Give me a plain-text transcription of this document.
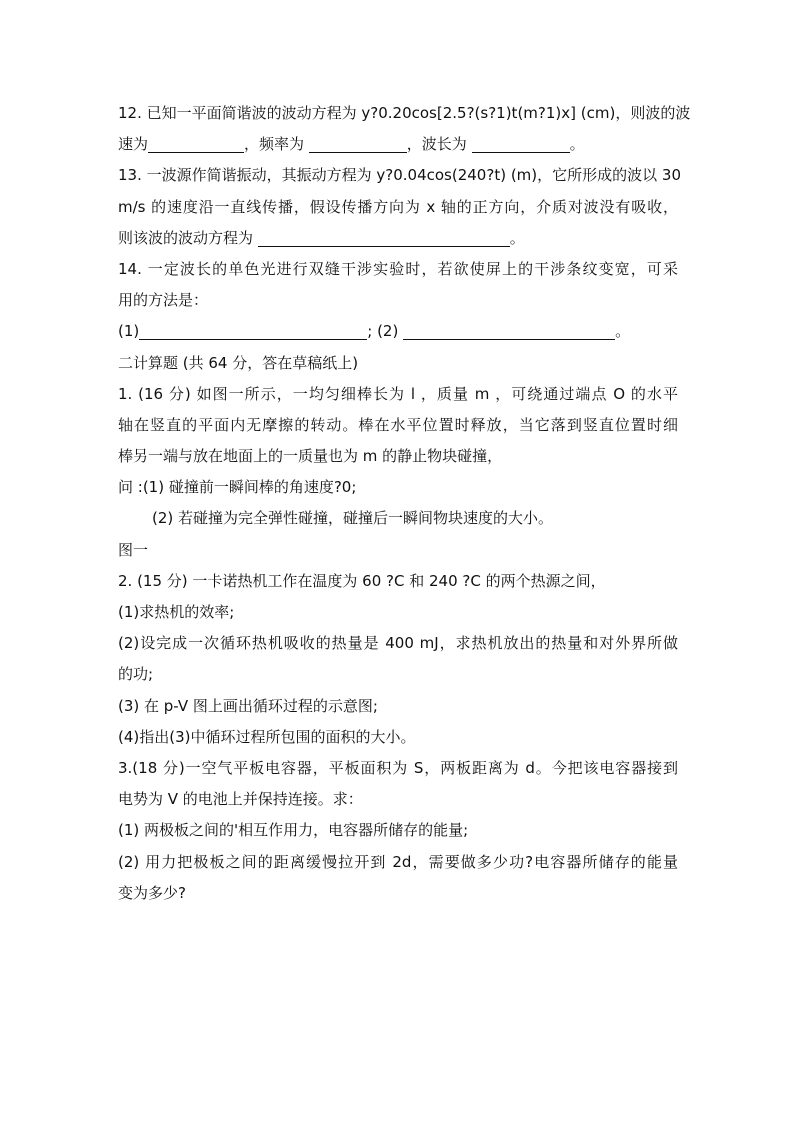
12. 已知一平面简谐波的波动方程为 y?0.20cos[2.5?(s?1)t(m?1)x] (cm)，则波的波
速为	，频率为	，波长为	。
13. 一波源作简谐振动，其振动方程为 y?0.04cos(240?t) (m)，它所形成的波以 30
m/s 的速度沿一直线传播，假设传播方向为 x 轴的正方向，介质对波没有吸收，
则该波的波动方程为	。
14. 一定波长的单色光进行双缝干涉实验时，若欲使屏上的干涉条纹变宽，可采
用的方法是：
(1)	; (2)	。
二计算题 (共 64 分，答在草稿纸上)
1. (16 分) 如图一所示，一均匀细棒长为 l ，质量 m ，可绕通过端点 O 的水平
轴在竖直的平面内无摩擦的转动。棒在水平位置时释放，当它落到竖直位置时细
棒另一端与放在地面上的一质量也为 m 的静止物块碰撞，
问 :(1) 碰撞前一瞬间棒的角速度?0;
(2) 若碰撞为完全弹性碰撞，碰撞后一瞬间物块速度的大小。
图一
2. (15 分) 一卡诺热机工作在温度为 60 ?C 和 240 ?C 的两个热源之间，
(1)求热机的效率;
(2)设完成一次循环热机吸收的热量是 400 mJ，求热机放出的热量和对外界所做
的功;
(3) 在 p-V 图上画出循环过程的示意图;
(4)指出(3)中循环过程所包围的面积的大小。
3.(18 分)一空气平板电容器，平板面积为 S，两板距离为 d。今把该电容器接到
电势为 V 的电池上并保持连接。求：
(1) 两极板之间的'相互作用力，电容器所储存的能量;
(2) 用力把极板之间的距离缓慢拉开到 2d，需要做多少功?电容器所储存的能量
变为多少?
